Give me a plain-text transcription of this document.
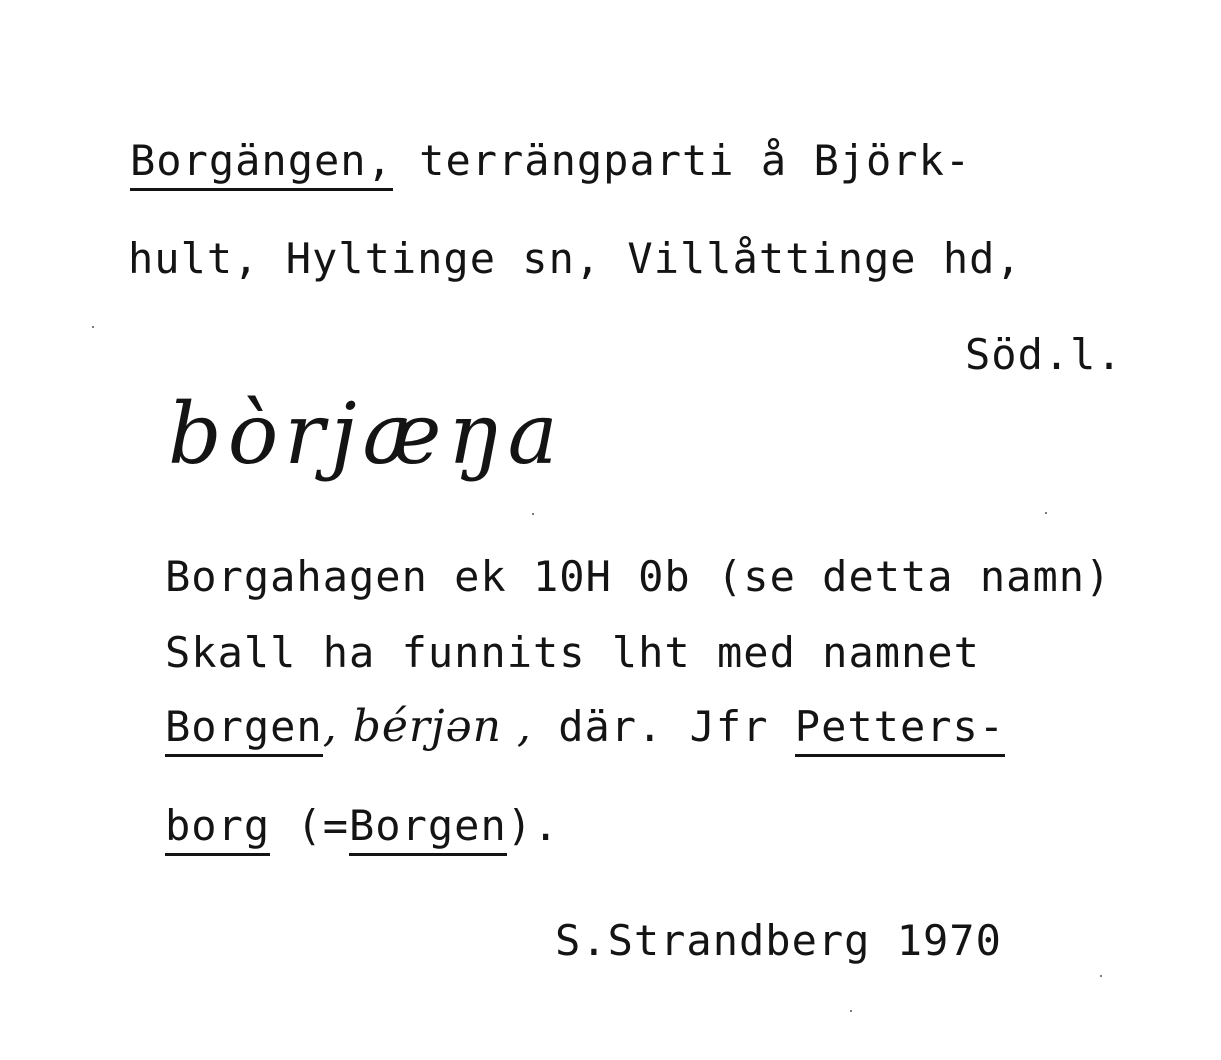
Borgängen, terrängparti å Björk-
hult, Hyltinge sn, Villåttinge hd,
Söd.l.
bòrjæŋa
Borgahagen ek 10H 0b (se detta namn)
Skall ha funnits lht med namnet
Borgen, bérjən , där. Jfr Petters-
borg (=Borgen).
S.Strandberg 1970
